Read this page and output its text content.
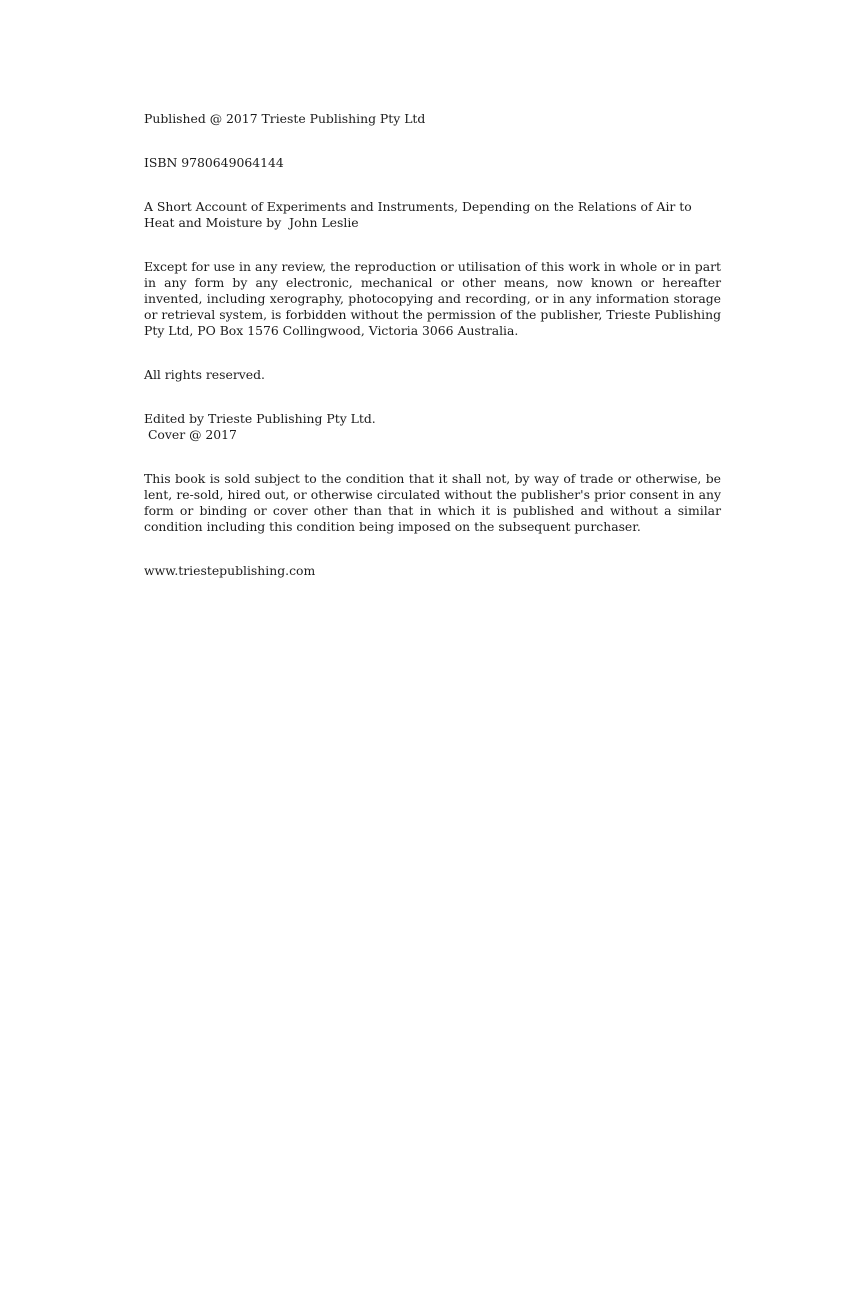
Published @ 2017 Trieste Publishing Pty Ltd

ISBN 9780649064144

A Short Account of Experiments and Instruments, Depending on the Relations of Air to Heat and Moisture by  John Leslie

Except for use in any review, the reproduction or utilisation of this work in whole or in part in any form by any electronic, mechanical or other means, now known or hereafter invented, including xerography, photocopying and recording, or in any information storage or retrieval system, is forbidden without the permission of the publisher, Trieste Publishing Pty Ltd, PO Box 1576 Collingwood, Victoria 3066 Australia.

All rights reserved.

Edited by Trieste Publishing Pty Ltd.
Cover @ 2017

This book is sold subject to the condition that it shall not, by way of trade or otherwise, be lent, re-sold, hired out, or otherwise circulated without the publisher's prior consent in any form or binding or cover other than that in which it is published and without a similar condition including this condition being imposed on the subsequent purchaser.

www.triestepublishing.com
